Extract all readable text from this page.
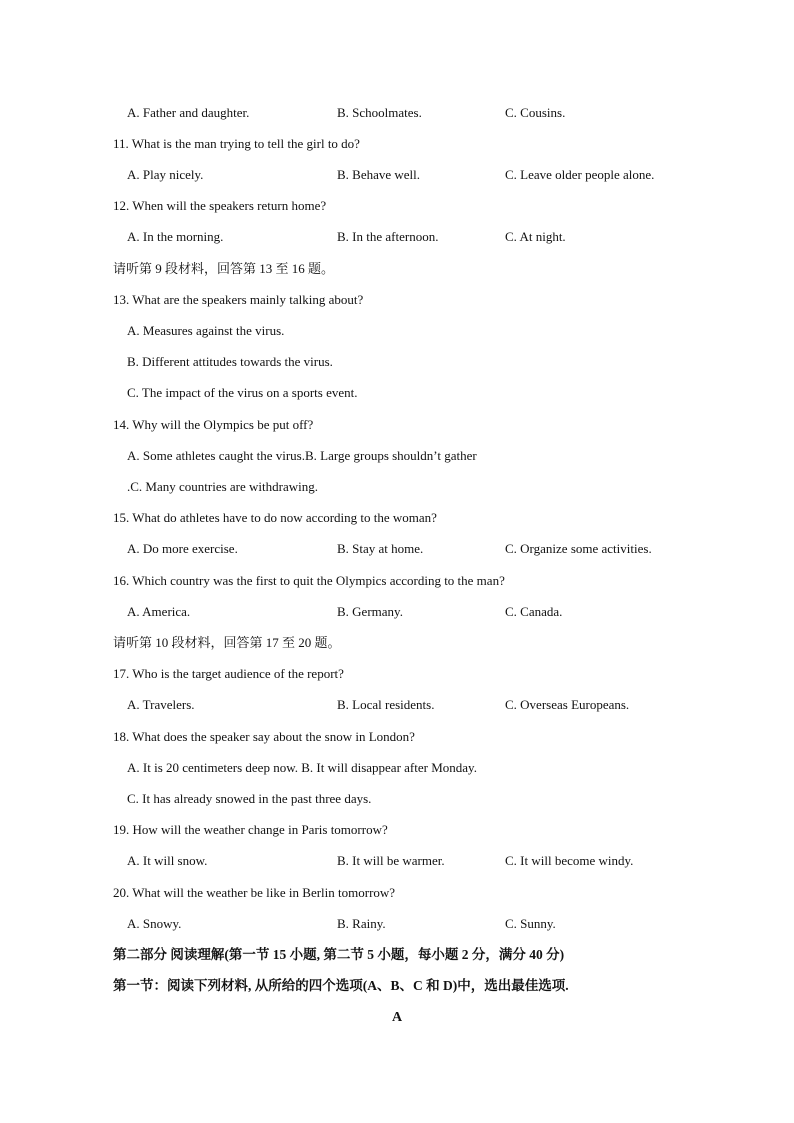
A. Father and daughter.	B. Schoolmates.	C. Cousins.
11. What is the man trying to tell the girl to do?
A. Play nicely.	B. Behave well.	C. Leave older people alone.
12. When will the speakers return home?
A. In the morning.	B. In the afternoon.	C. At night.
请听第 9 段材料，回答第 13 至 16 题。
13. What are the speakers mainly talking about?
A. Measures against the virus.
B. Different attitudes towards the virus.
C. The impact of the virus on a sports event.
14. Why will the Olympics be put off?
A. Some athletes caught the virus.B. Large groups shouldn’t gather
.C. Many countries are withdrawing.
15. What do athletes have to do now according to the woman?
A. Do more exercise.	B. Stay at home.	C. Organize some activities.
16. Which country was the first to quit the Olympics according to the man?
A. America.	B. Germany.	C. Canada.
请听第 10 段材料，回答第 17 至 20 题。
17. Who is the target audience of the report?
A. Travelers.	B. Local residents.	C. Overseas Europeans.
18. What does the speaker say about the snow in London?
A. It is 20 centimeters deep now. B. It will disappear after Monday.
C. It has already snowed in the past three days.
19. How will the weather change in Paris tomorrow?
A. It will snow.	B. It will be warmer.	C. It will become windy.
20. What will the weather be like in Berlin tomorrow?
A. Snowy.	B. Rainy.	C. Sunny.
第二部分 阅读理解(第一节 15 小题, 第二节 5 小题，每小题 2 分，满分 40 分)
第一节：阅读下列材料, 从所给的四个选项(A、B、C 和 D)中，选出最佳选项.
A
